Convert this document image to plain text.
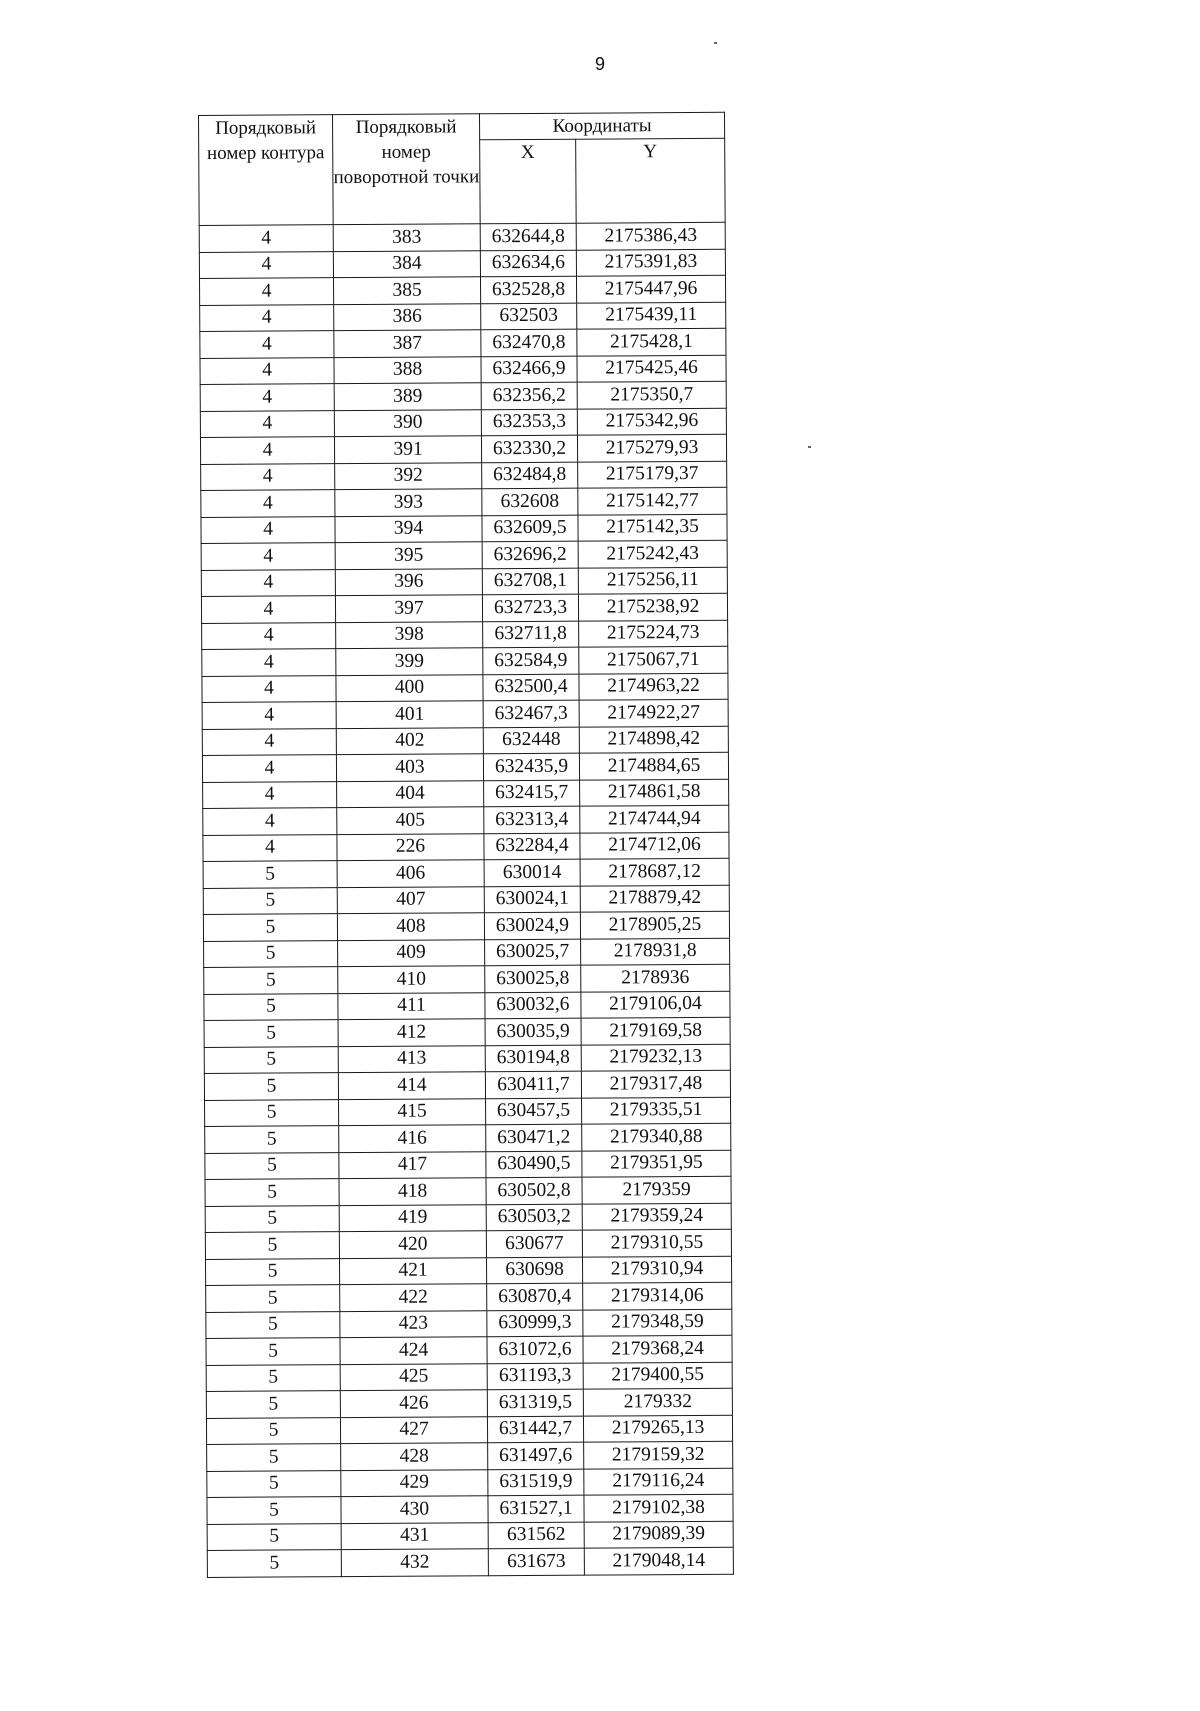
9
Порядковый номер контура	Порядковый номер поворотной точки	Координаты	
		X	Y
4	383	632644,8	2175386,43
4	384	632634,6	2175391,83
4	385	632528,8	2175447,96
4	386	632503	2175439,11
4	387	632470,8	2175428,1
4	388	632466,9	2175425,46
4	389	632356,2	2175350,7
4	390	632353,3	2175342,96
4	391	632330,2	2175279,93
4	392	632484,8	2175179,37
4	393	632608	2175142,77
4	394	632609,5	2175142,35
4	395	632696,2	2175242,43
4	396	632708,1	2175256,11
4	397	632723,3	2175238,92
4	398	632711,8	2175224,73
4	399	632584,9	2175067,71
4	400	632500,4	2174963,22
4	401	632467,3	2174922,27
4	402	632448	2174898,42
4	403	632435,9	2174884,65
4	404	632415,7	2174861,58
4	405	632313,4	2174744,94
4	226	632284,4	2174712,06
5	406	630014	2178687,12
5	407	630024,1	2178879,42
5	408	630024,9	2178905,25
5	409	630025,7	2178931,8
5	410	630025,8	2178936
5	411	630032,6	2179106,04
5	412	630035,9	2179169,58
5	413	630194,8	2179232,13
5	414	630411,7	2179317,48
5	415	630457,5	2179335,51
5	416	630471,2	2179340,88
5	417	630490,5	2179351,95
5	418	630502,8	2179359
5	419	630503,2	2179359,24
5	420	630677	2179310,55
5	421	630698	2179310,94
5	422	630870,4	2179314,06
5	423	630999,3	2179348,59
5	424	631072,6	2179368,24
5	425	631193,3	2179400,55
5	426	631319,5	2179332
5	427	631442,7	2179265,13
5	428	631497,6	2179159,32
5	429	631519,9	2179116,24
5	430	631527,1	2179102,38
5	431	631562	2179089,39
5	432	631673	2179048,14
